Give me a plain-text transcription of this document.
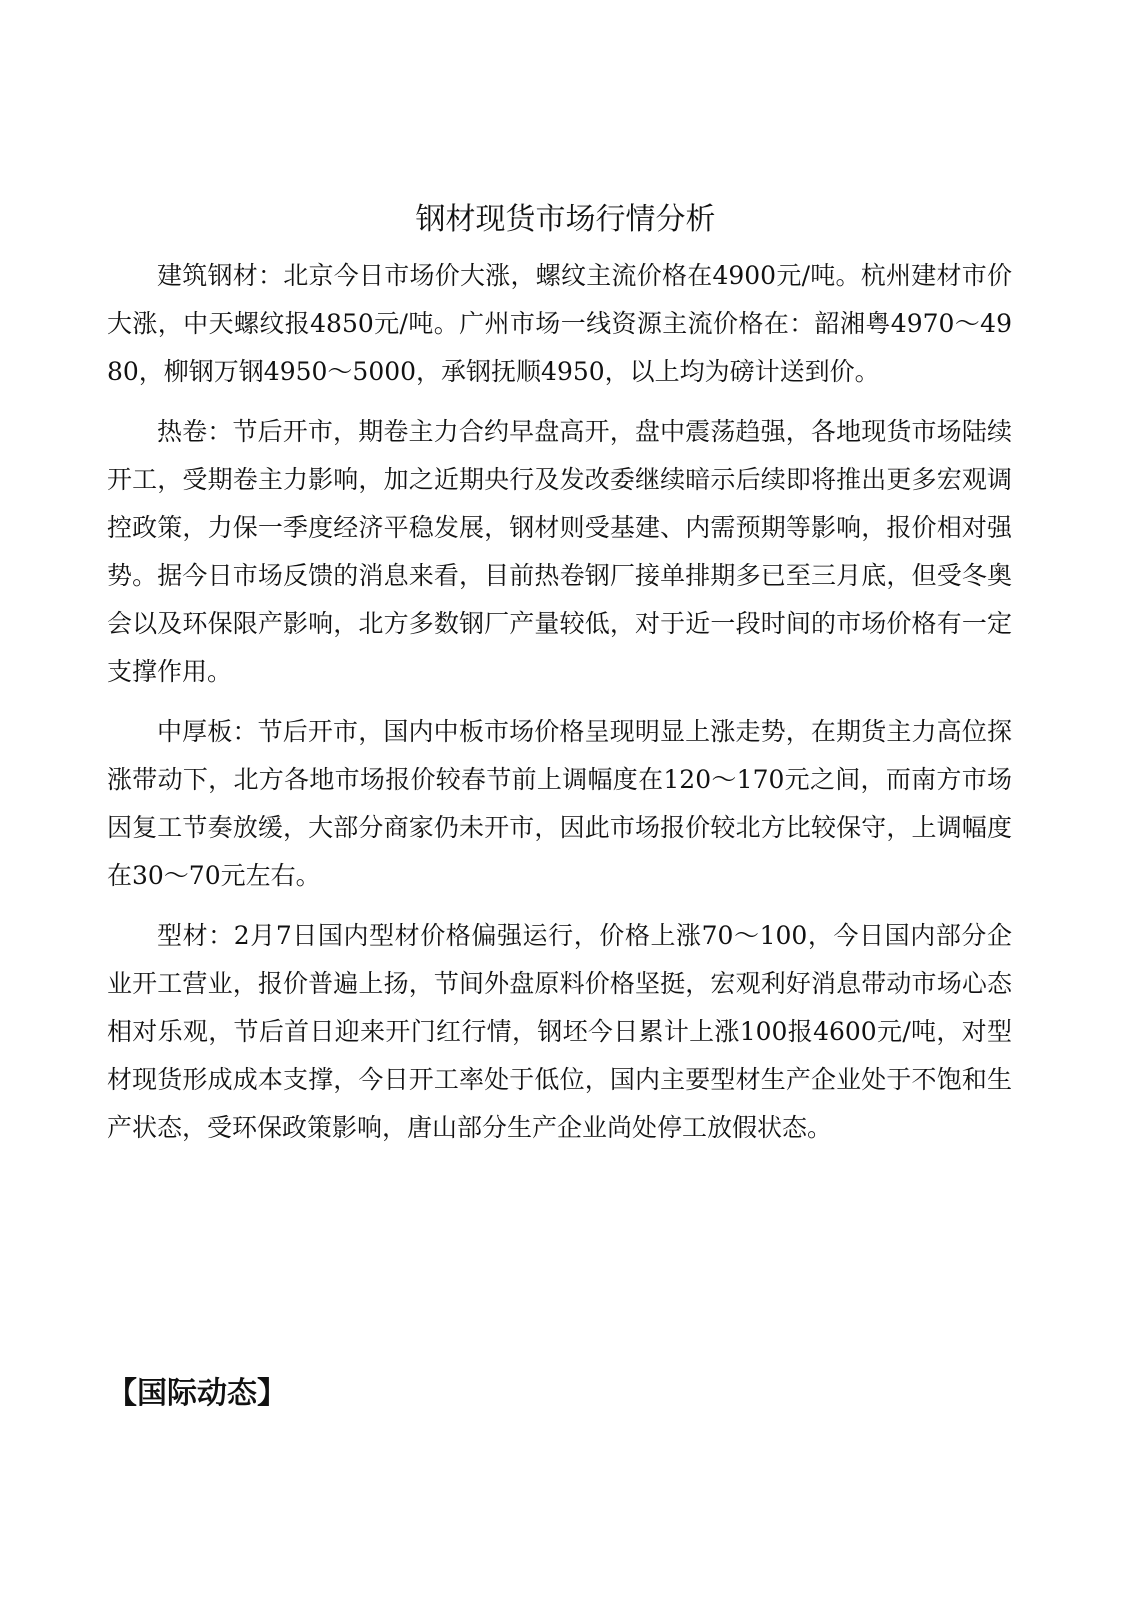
钢材现货市场行情分析

建筑钢材：北京今日市场价大涨，螺纹主流价格在4900元/吨。杭州建材市价大涨，中天螺纹报4850元/吨。广州市场一线资源主流价格在：韶湘粤4970～4980，柳钢万钢4950～5000，承钢抚顺4950，以上均为磅计送到价。

热卷：节后开市，期卷主力合约早盘高开，盘中震荡趋强，各地现货市场陆续开工，受期卷主力影响，加之近期央行及发改委继续暗示后续即将推出更多宏观调控政策，力保一季度经济平稳发展，钢材则受基建、内需预期等影响，报价相对强势。据今日市场反馈的消息来看，目前热卷钢厂接单排期多已至三月底，但受冬奥会以及环保限产影响，北方多数钢厂产量较低，对于近一段时间的市场价格有一定支撑作用。

中厚板：节后开市，国内中板市场价格呈现明显上涨走势，在期货主力高位探涨带动下，北方各地市场报价较春节前上调幅度在120～170元之间，而南方市场因复工节奏放缓，大部分商家仍未开市，因此市场报价较北方比较保守，上调幅度在30～70元左右。

型材：2月7日国内型材价格偏强运行，价格上涨70～100，今日国内部分企业开工营业，报价普遍上扬，节间外盘原料价格坚挺，宏观利好消息带动市场心态相对乐观，节后首日迎来开门红行情，钢坯今日累计上涨100报4600元/吨，对型材现货形成成本支撑，今日开工率处于低位，国内主要型材生产企业处于不饱和生产状态，受环保政策影响，唐山部分生产企业尚处停工放假状态。

【国际动态】
